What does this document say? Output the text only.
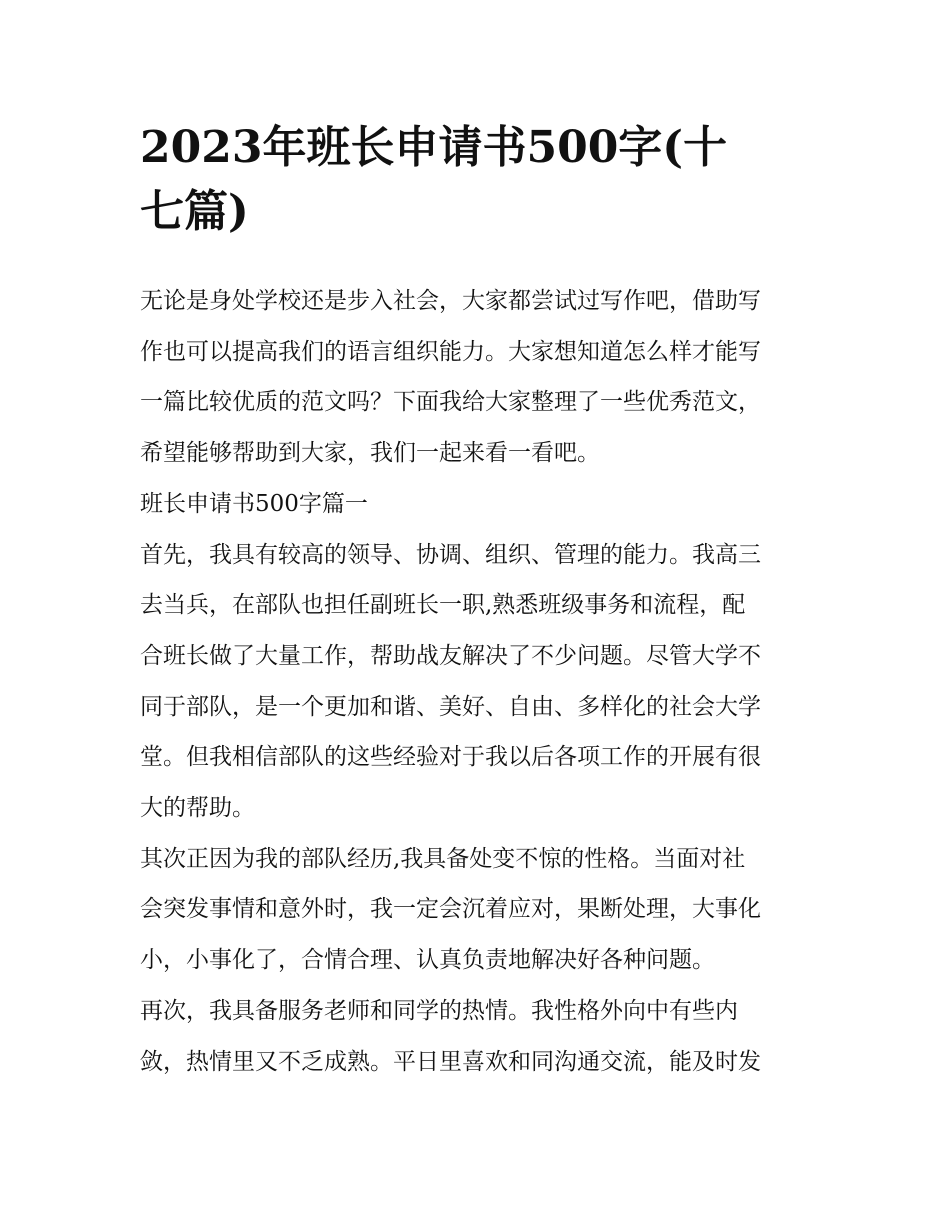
2023年班长申请书500字(十
七篇)

无论是身处学校还是步入社会，大家都尝试过写作吧，借助写
作也可以提高我们的语言组织能力。大家想知道怎么样才能写
一篇比较优质的范文吗？下面我给大家整理了一些优秀范文，
希望能够帮助到大家，我们一起来看一看吧。

班长申请书500字篇一

首先，我具有较高的领导、协调、组织、管理的能力。我高三
去当兵，在部队也担任副班长一职,熟悉班级事务和流程，配
合班长做了大量工作，帮助战友解决了不少问题。尽管大学不
同于部队，是一个更加和谐、美好、自由、多样化的社会大学
堂。但我相信部队的这些经验对于我以后各项工作的开展有很
大的帮助。

其次正因为我的部队经历,我具备处变不惊的性格。当面对社
会突发事情和意外时，我一定会沉着应对，果断处理，大事化
小，小事化了，合情合理、认真负责地解决好各种问题。

再次，我具备服务老师和同学的热情。我性格外向中有些内
敛，热情里又不乏成熟。平日里喜欢和同沟通交流，能及时发
